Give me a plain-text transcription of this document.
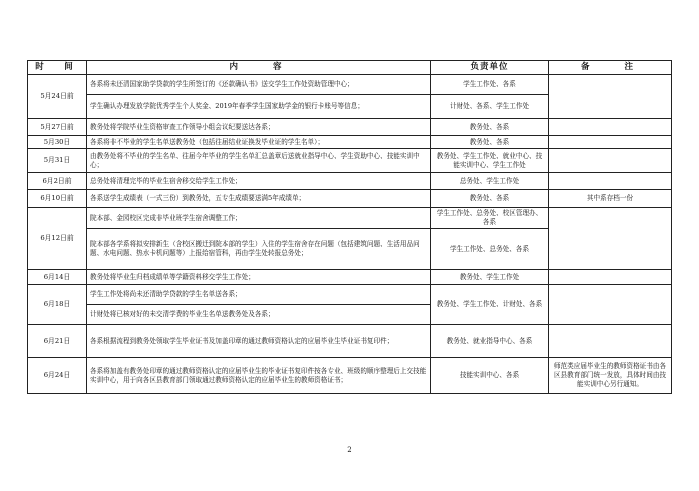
时　间	内　　容	负责单位	备　　注
5月24日前	各系将未还清国家助学贷款的学生所签订的《还款确认书》送交学生工作处资助管理中心；	学生工作处、各系	
	学生确认办理发放学院优秀学生个人奖金、2019年春季学生国家助学金的银行卡账号等信息；	计财处、各系、学生工作处	
5月27日前	教务处将学院毕业生资格审查工作领导小组会议纪要送达各系；	教务处、各系	
5月30日	各系将非不毕业的学生名单送教务处（包括往届结业证换发毕业证的学生名单）；	教务处、各系	
5月31日	由教务处将不毕业的学生名单、往届今年毕业的学生名单汇总盖章后送就业指导中心、学生资助中心、技能实训中心；	教务处、学生工作处、就业中心、技能实训中心、学生工作处	
6月2日前	总务处将清理完毕的毕业生宿舍移交给学生工作处；	总务处、学生工作处	
6月10日前	各系送学生成绩表（一式三份）到教务处，五专生成绩要送满5年成绩单；	教务处、各系	其中系存档一份
6月12日前	院本部、金园校区完成非毕业班学生宿舍调整工作；	学生工作处、总务处、校区管理办、各系	
	院本部各学系将拟安排新生（含校区搬迁到院本部的学生）入住的学生宿舍存在问题（包括建筑问题、生活用品问题、水电问题、热水卡机问题等）上报给宿管科，再由学生处转报总务处；	学生工作处、总务处、各系	
6月14日	教务处将毕业生归档成绩单等学籍资料移交学生工作处；	教务处、学生工作处	
6月18日	学生工作处将尚未还清助学贷款的学生名单送各系；	教务处、学生工作处、计财处、各系	
	计财处将已核对好的未交清学费的毕业生名单送教务处及各系；		
6月21日	各系根据流程到教务处领取学生毕业证书及加盖印章的通过教师资格认定的应届毕业生毕业证书复印件；	教务处、就业指导中心、各系	
6月24日	各系将加盖有教务处印章的通过教师资格认定的应届毕业生的毕业证书复印件按各专业、班级的顺序整理后上交技能实训中心，用于向各区县教育部门领取通过教师资格认定的应届毕业生的教师资格证书；	技能实训中心、各系	师范类应届毕业生的教师资格证书由各区县教育部门统一发放，具体时间由技能实训中心另行通知。
2
